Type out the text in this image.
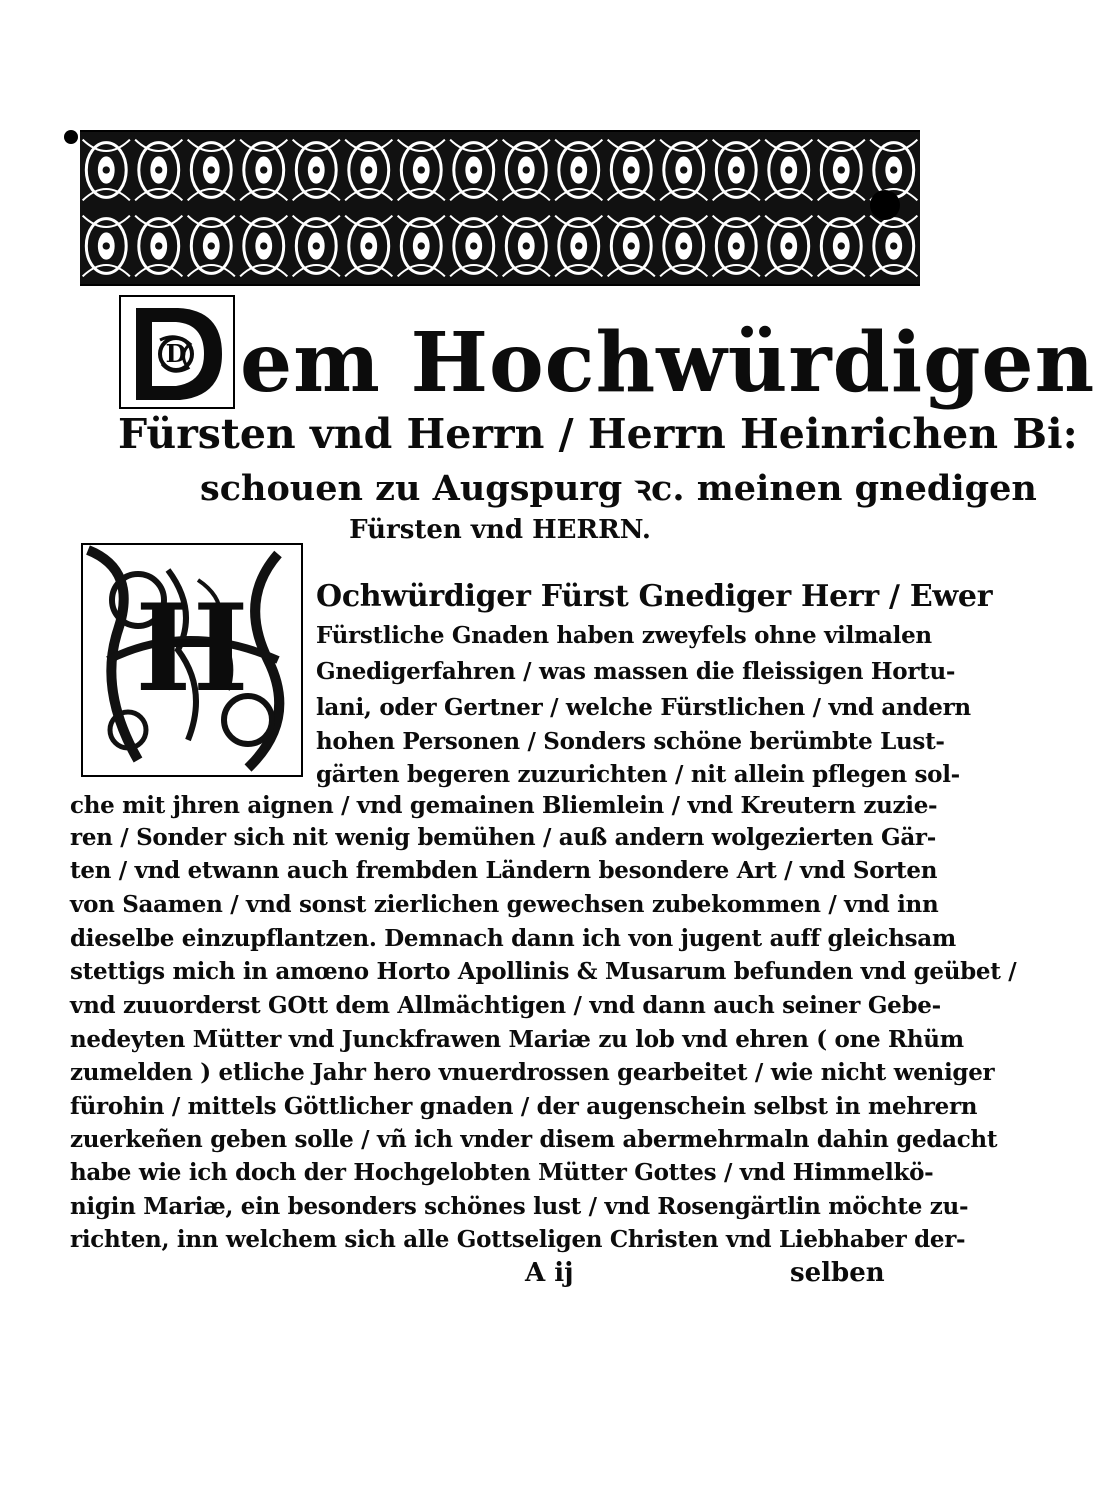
D em Hochwürdigen
Fürsten vnd Herrn / Herrn Heinrichen Bi:
schouen zu Augspurg ꝛc. meinen gnedigen
Fürsten vnd HERRN.
H Ochwürdiger Fürst Gnediger Herr / Ewer
Fürstliche Gnaden haben zweyfels ohne vilmalen
Gnedigerfahren / was massen die fleissigen Hortu-
lani, oder Gertner / welche Fürstlichen / vnd andern
hohen Personen / Sonders schöne berümbte Lust-
gärten begeren zuzurichten / nit allein pflegen sol-
che mit jhren aignen / vnd gemainen Bliemlein / vnd Kreutern zuzie-
ren / Sonder sich nit wenig bemühen / auß andern wolgezierten Gär-
ten / vnd etwann auch frembden Ländern besondere Art / vnd Sorten
von Saamen / vnd sonst zierlichen gewechsen zubekommen / vnd inn
dieselbe einzupflantzen. Demnach dann ich von jugent auff gleichsam
stettigs mich in amœno Horto Apollinis & Musarum befunden vnd geübet /
vnd zuuorderst GOtt dem Allmächtigen / vnd dann auch seiner Gebe-
nedeyten Mütter vnd Junckfrawen Mariæ zu lob vnd ehren ( one Rhüm
zumelden ) etliche Jahr hero vnuerdrossen gearbeitet / wie nicht weniger
fürohin / mittels Göttlicher gnaden / der augenschein selbst in mehrern
zuerkeñen geben solle / vñ ich vnder disem abermehrmaln dahin gedacht
habe wie ich doch der Hochgelobten Mütter Gottes / vnd Himmelkö-
nigin Mariæ, ein besonders schönes lust / vnd Rosengärtlin möchte zu-
richten, inn welchem sich alle Gottseligen Christen vnd Liebhaber der-
A ij	selben
